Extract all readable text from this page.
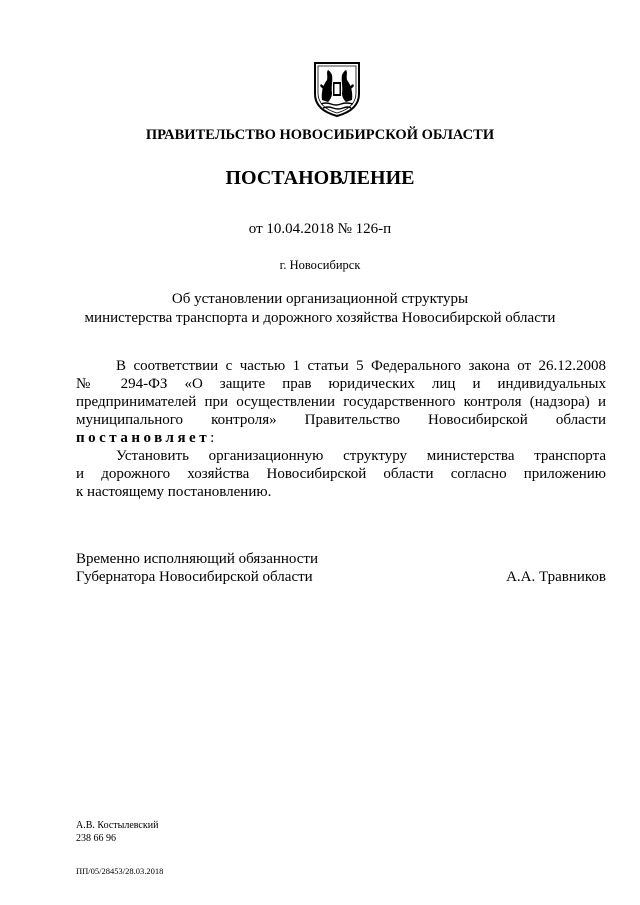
ПРАВИТЕЛЬСТВО НОВОСИБИРСКОЙ ОБЛАСТИ
ПОСТАНОВЛЕНИЕ
от 10.04.2018 № 126-п
г. Новосибирск
Об установлении организационной структуры
министерства транспорта и дорожного хозяйства Новосибирской области
В соответствии с частью 1 статьи 5 Федерального закона от 26.12.2008
№ 294-ФЗ «О защите прав юридических лиц и индивидуальных
предпринимателей при осуществлении государственного контроля (надзора) и
муниципального контроля» Правительство Новосибирской области
постановляет:
Установить организационную структуру министерства транспорта
и дорожного хозяйства Новосибирской области согласно приложению
к настоящему постановлению.
Временно исполняющий обязанности
Губернатора Новосибирской области	А.А. Травников
А.В. Костылевский
238 66 96
ПП/05/28453/28.03.2018
